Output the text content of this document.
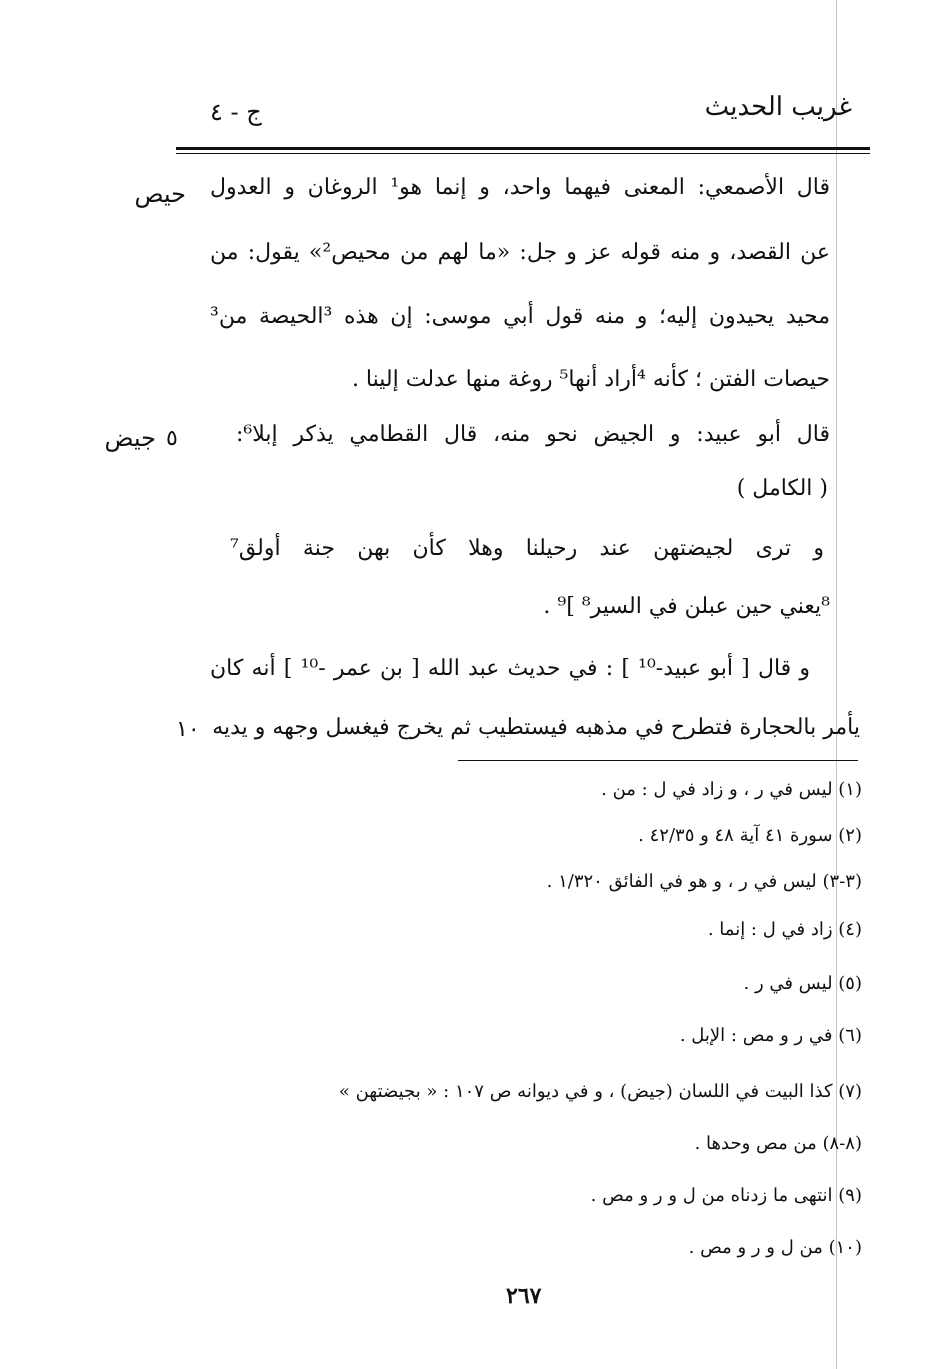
غريب الحديث
ج - ٤
حيص
جيض ٥
١٠
قال الأصمعي: المعنى فيهما واحد، و إنما هو¹ الروغان و العدول
عن القصد، و منه قوله عز و جل: «ما لهم من محيص²» يقول: من
محيد يحيدون إليه؛ و منه قول أبي موسى: إن هذه ³الحيصة من³
حيصات الفتن ؛ كأنه ⁴أراد أنها⁵ روغة منها عدلت إلينا .
قال أبو عبيد: و الجيض نحو منه، قال القطامي يذكر إبلا⁶:
( الكامل )
و ترى لجيضتهن عند رحيلنا وهلا كأن بهن جنة أولق⁷
⁸يعني حين عبلن في السير⁸ ]⁹ .
و قال [ أبو عبيد-¹⁰ ] : في حديث عبد الله [ بن عمر -¹⁰ ] أنه كان
يأمر بالحجارة فتطرح في مذهبه فيستطيب ثم يخرج فيغسل وجهه و يديه
(١) ليس في ر ، و زاد في ل : من .
(٢) سورة ٤١ آية ٤٨ و ٤٢/٣٥ .
(٣-٣) ليس في ر ، و هو في الفائق ١/٣٢٠ .
(٤) زاد في ل : إنما .
(٥) ليس في ر .
(٦) في ر و مص : الإبل .
(٧) كذا البيت في اللسان (جيض) ، و في ديوانه ص ١٠٧ : « بجيضتهن »
(٨-٨) من مص وحدها .
(٩) انتهى ما زدناه من ل و ر و مص .
(١٠) من ل و ر و مص .
٢٦٧
